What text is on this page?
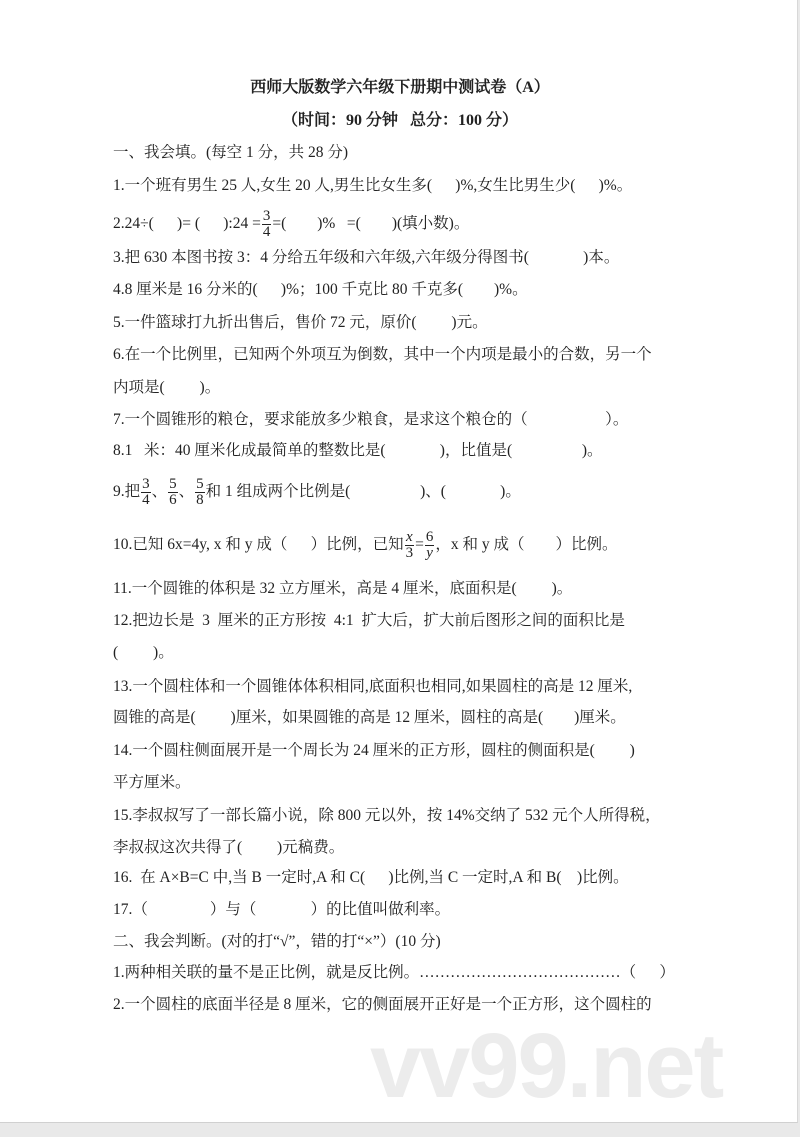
vv99.net
西师大版数学六年级下册期中测试卷（A）
（时间：90 分钟   总分：100 分）
一、我会填。(每空 1 分，共 28 分)
1.一个班有男生 25 人,女生 20 人,男生比女生多(      )%,女生比男生少(      )%。
2.24÷(      )= (      ):24 = $\frac{3}{4}$ =(        )%   =(        )(填小数)。
3.把 630 本图书按 3：4 分给五年级和六年级,六年级分得图书(              )本。
4.8 厘米是 16 分米的(      )%；100 千克比 80 千克多(        )%。
5.一件篮球打九折出售后，售价 72 元，原价(         )元。
6.在一个比例里，已知两个外项互为倒数，其中一个内项是最小的合数，另一个
内项是(         )。
7.一个圆锥形的粮仓，要求能放多少粮食，是求这个粮仓的（                    ）。
8.1   米：40 厘米化成最简单的整数比是(              )，比值是(                  )。
9.把 $\frac{3}{4}$ 、 $\frac{5}{6}$ 、 $\frac{5}{8}$ 和 1 组成两个比例是(                  )、(              )。
10.已知 6x=4y, x 和 y 成（      ）比例，已知 $\frac{x}{3} = \frac{6}{y}$ ，x 和 y 成（        ）比例。
11.一个圆锥的体积是 32 立方厘米，高是 4 厘米，底面积是(         )。
12.把边长是  3  厘米的正方形按  4:1  扩大后，扩大前后图形之间的面积比是
(         )。
13.一个圆柱体和一个圆锥体体积相同,底面积也相同,如果圆柱的高是 12 厘米,
圆锥的高是(         )厘米，如果圆锥的高是 12 厘米，圆柱的高是(        )厘米。
14.一个圆柱侧面展开是一个周长为 24 厘米的正方形，圆柱的侧面积是(         )
平方厘米。
15.李叔叔写了一部长篇小说，除 800 元以外，按 14%交纳了 532 元个人所得税，
李叔叔这次共得了(         )元稿费。
16.  在 A×B=C 中,当 B 一定时,A 和 C(      )比例,当 C 一定时,A 和 B(    )比例。
17.（                ）与（              ）的比值叫做利率。
二、我会判断。(对的打“√”，错的打“×”）(10 分)
1.两种相关联的量不是正比例，就是反比例。…………………………………（      ）
2.一个圆柱的底面半径是 8 厘米，它的侧面展开正好是一个正方形，这个圆柱的
